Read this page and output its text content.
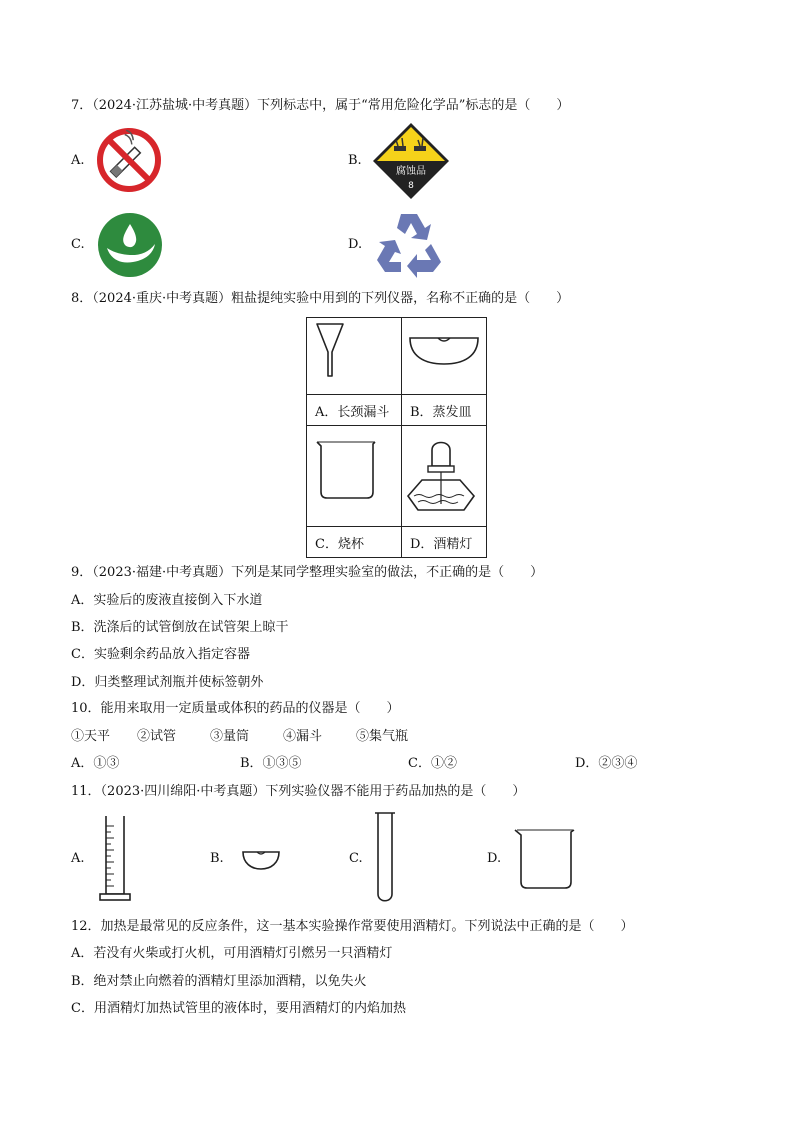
7．（2024·江苏盐城·中考真题）下列标志中，属于“常用危险化学品”标志的是（　　）
A.	B.
腐蚀品
8
C.	D.
8．（2024·重庆·中考真题）粗盐提纯实验中用到的下列仪器，名称不正确的是（　　）

A．长颈漏斗	B．蒸发皿

C．烧杯	D．酒精灯
9．（2023·福建·中考真题）下列是某同学整理实验室的做法，不正确的是（　　）
A．实验后的废液直接倒入下水道
B．洗涤后的试管倒放在试管架上晾干
C．实验剩余药品放入指定容器
D．归类整理试剂瓶并使标签朝外
10．能用来取用一定质量或体积的药品的仪器是（　　）
①天平 ②试管	③量筒	④漏斗	⑤集气瓶
A．①③	B．①③⑤	C．①②	D．②③④
11．（2023·四川绵阳·中考真题）下列实验仪器不能用于药品加热的是（　　）
A.	B.	C.	D.
12．加热是最常见的反应条件，这一基本实验操作常要使用酒精灯。下列说法中正确的是（　　）
A．若没有火柴或打火机，可用酒精灯引燃另一只酒精灯
B．绝对禁止向燃着的酒精灯里添加酒精，以免失火
C．用酒精灯加热试管里的液体时，要用酒精灯的内焰加热
